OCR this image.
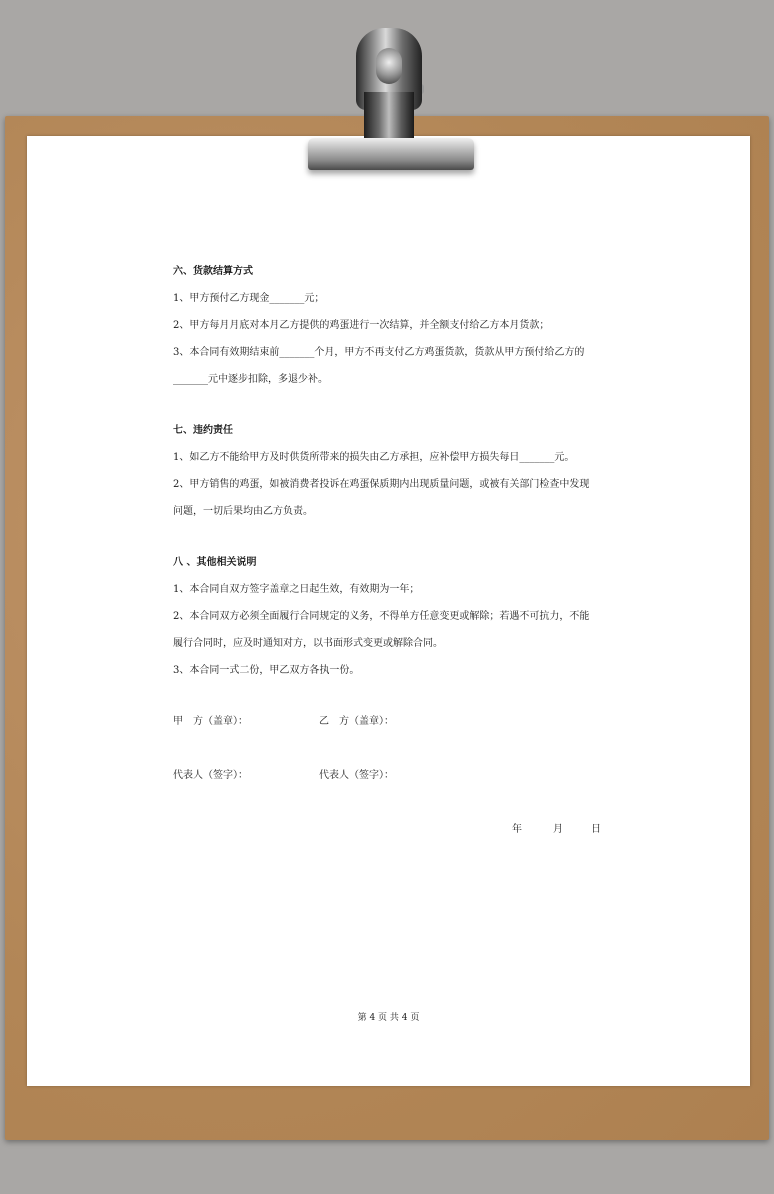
六、货款结算方式

1、甲方预付乙方现金_______元；

2、甲方每月月底对本月乙方提供的鸡蛋进行一次结算，并全额支付给乙方本月货款；

3、本合同有效期结束前_______个月，甲方不再支付乙方鸡蛋货款，货款从甲方预付给乙方的

_______元中逐步扣除，多退少补。

七、违约责任

1、如乙方不能给甲方及时供货所带来的损失由乙方承担，应补偿甲方损失每日_______元。

2、甲方销售的鸡蛋，如被消费者投诉在鸡蛋保质期内出现质量问题，或被有关部门检查中发现

问题，一切后果均由乙方负责。

八 、其他相关说明

1、本合同自双方签字盖章之日起生效，有效期为一年；

2、本合同双方必须全面履行合同规定的义务，不得单方任意变更或解除；若遇不可抗力，不能

履行合同时，应及时通知对方，以书面形式变更或解除合同。

3、本合同一式二份，甲乙双方各执一份。

甲　方（盖章）：	乙　方（盖章）：
代表人（签字）：	代表人（签字）：
年	月	日
第 4 页 共 4 页
